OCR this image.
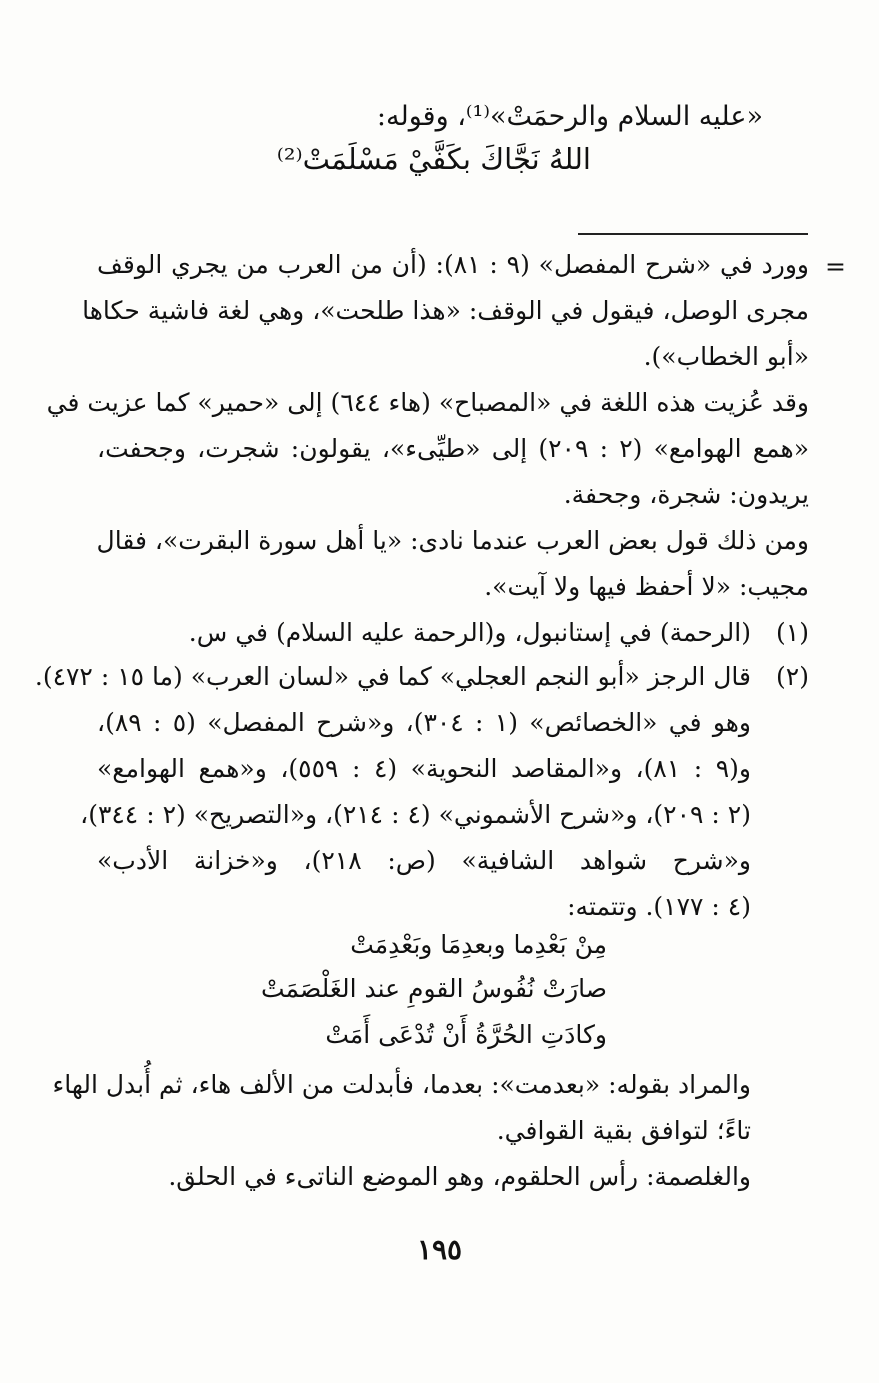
«عليه السلام والرحمَتْ»⁽¹⁾، وقوله:
اللهُ نَجَّاكَ بكَفَّيْ مَسْلَمَتْ⁽²⁾
=
وورد في «شرح المفصل» (٩ : ٨١): (أن من العرب من يجري الوقف
مجرى الوصل، فيقول في الوقف: «هذا طلحت»، وهي لغة فاشية حكاها
«أبو الخطاب»).
وقد عُزيت هذه اللغة في «المصباح» (هاء ٦٤٤) إلى «حمير» كما عزيت في
«همع الهوامع» (٢ : ٢٠٩) إلى «طيِّىء»، يقولون: شجرت، وجحفت،
يريدون: شجرة، وجحفة.
ومن ذلك قول بعض العرب عندما نادى: «يا أهل سورة البقرت»، فقال
مجيب: «لا أحفظ فيها ولا آيت».
(١)
(الرحمة) في إستانبول، و(الرحمة عليه السلام) في س.
(٢)
قال الرجز «أبو النجم العجلي» كما في «لسان العرب» (ما ١٥ : ٤٧٢).
وهو في «الخصائص» (١ : ٣٠٤)، و«شرح المفصل» (٥ : ٨٩)،
و(٩ : ٨١)، و«المقاصد النحوية» (٤ : ٥٥٩)، و«همع الهوامع»
(٢ : ٢٠٩)، و«شرح الأشموني» (٤ : ٢١٤)، و«التصريح» (٢ : ٣٤٤)،
و«شرح شواهد الشافية» (ص: ٢١٨)، و«خزانة الأدب»
(٤ : ١٧٧). وتتمته:
مِنْ بَعْدِما وبعدِمَا وبَعْدِمَتْ
صارَتْ نُفُوسُ القومِ عند الغَلْصَمَتْ
وكادَتِ الحُرَّةُ أَنْ تُدْعَى أَمَتْ
والمراد بقوله: «بعدمت»: بعدما، فأبدلت من الألف هاء، ثم أُبدل الهاء
تاءً؛ لتوافق بقية القوافي.
والغلصمة: رأس الحلقوم، وهو الموضع الناتىء في الحلق.
١٩٥
